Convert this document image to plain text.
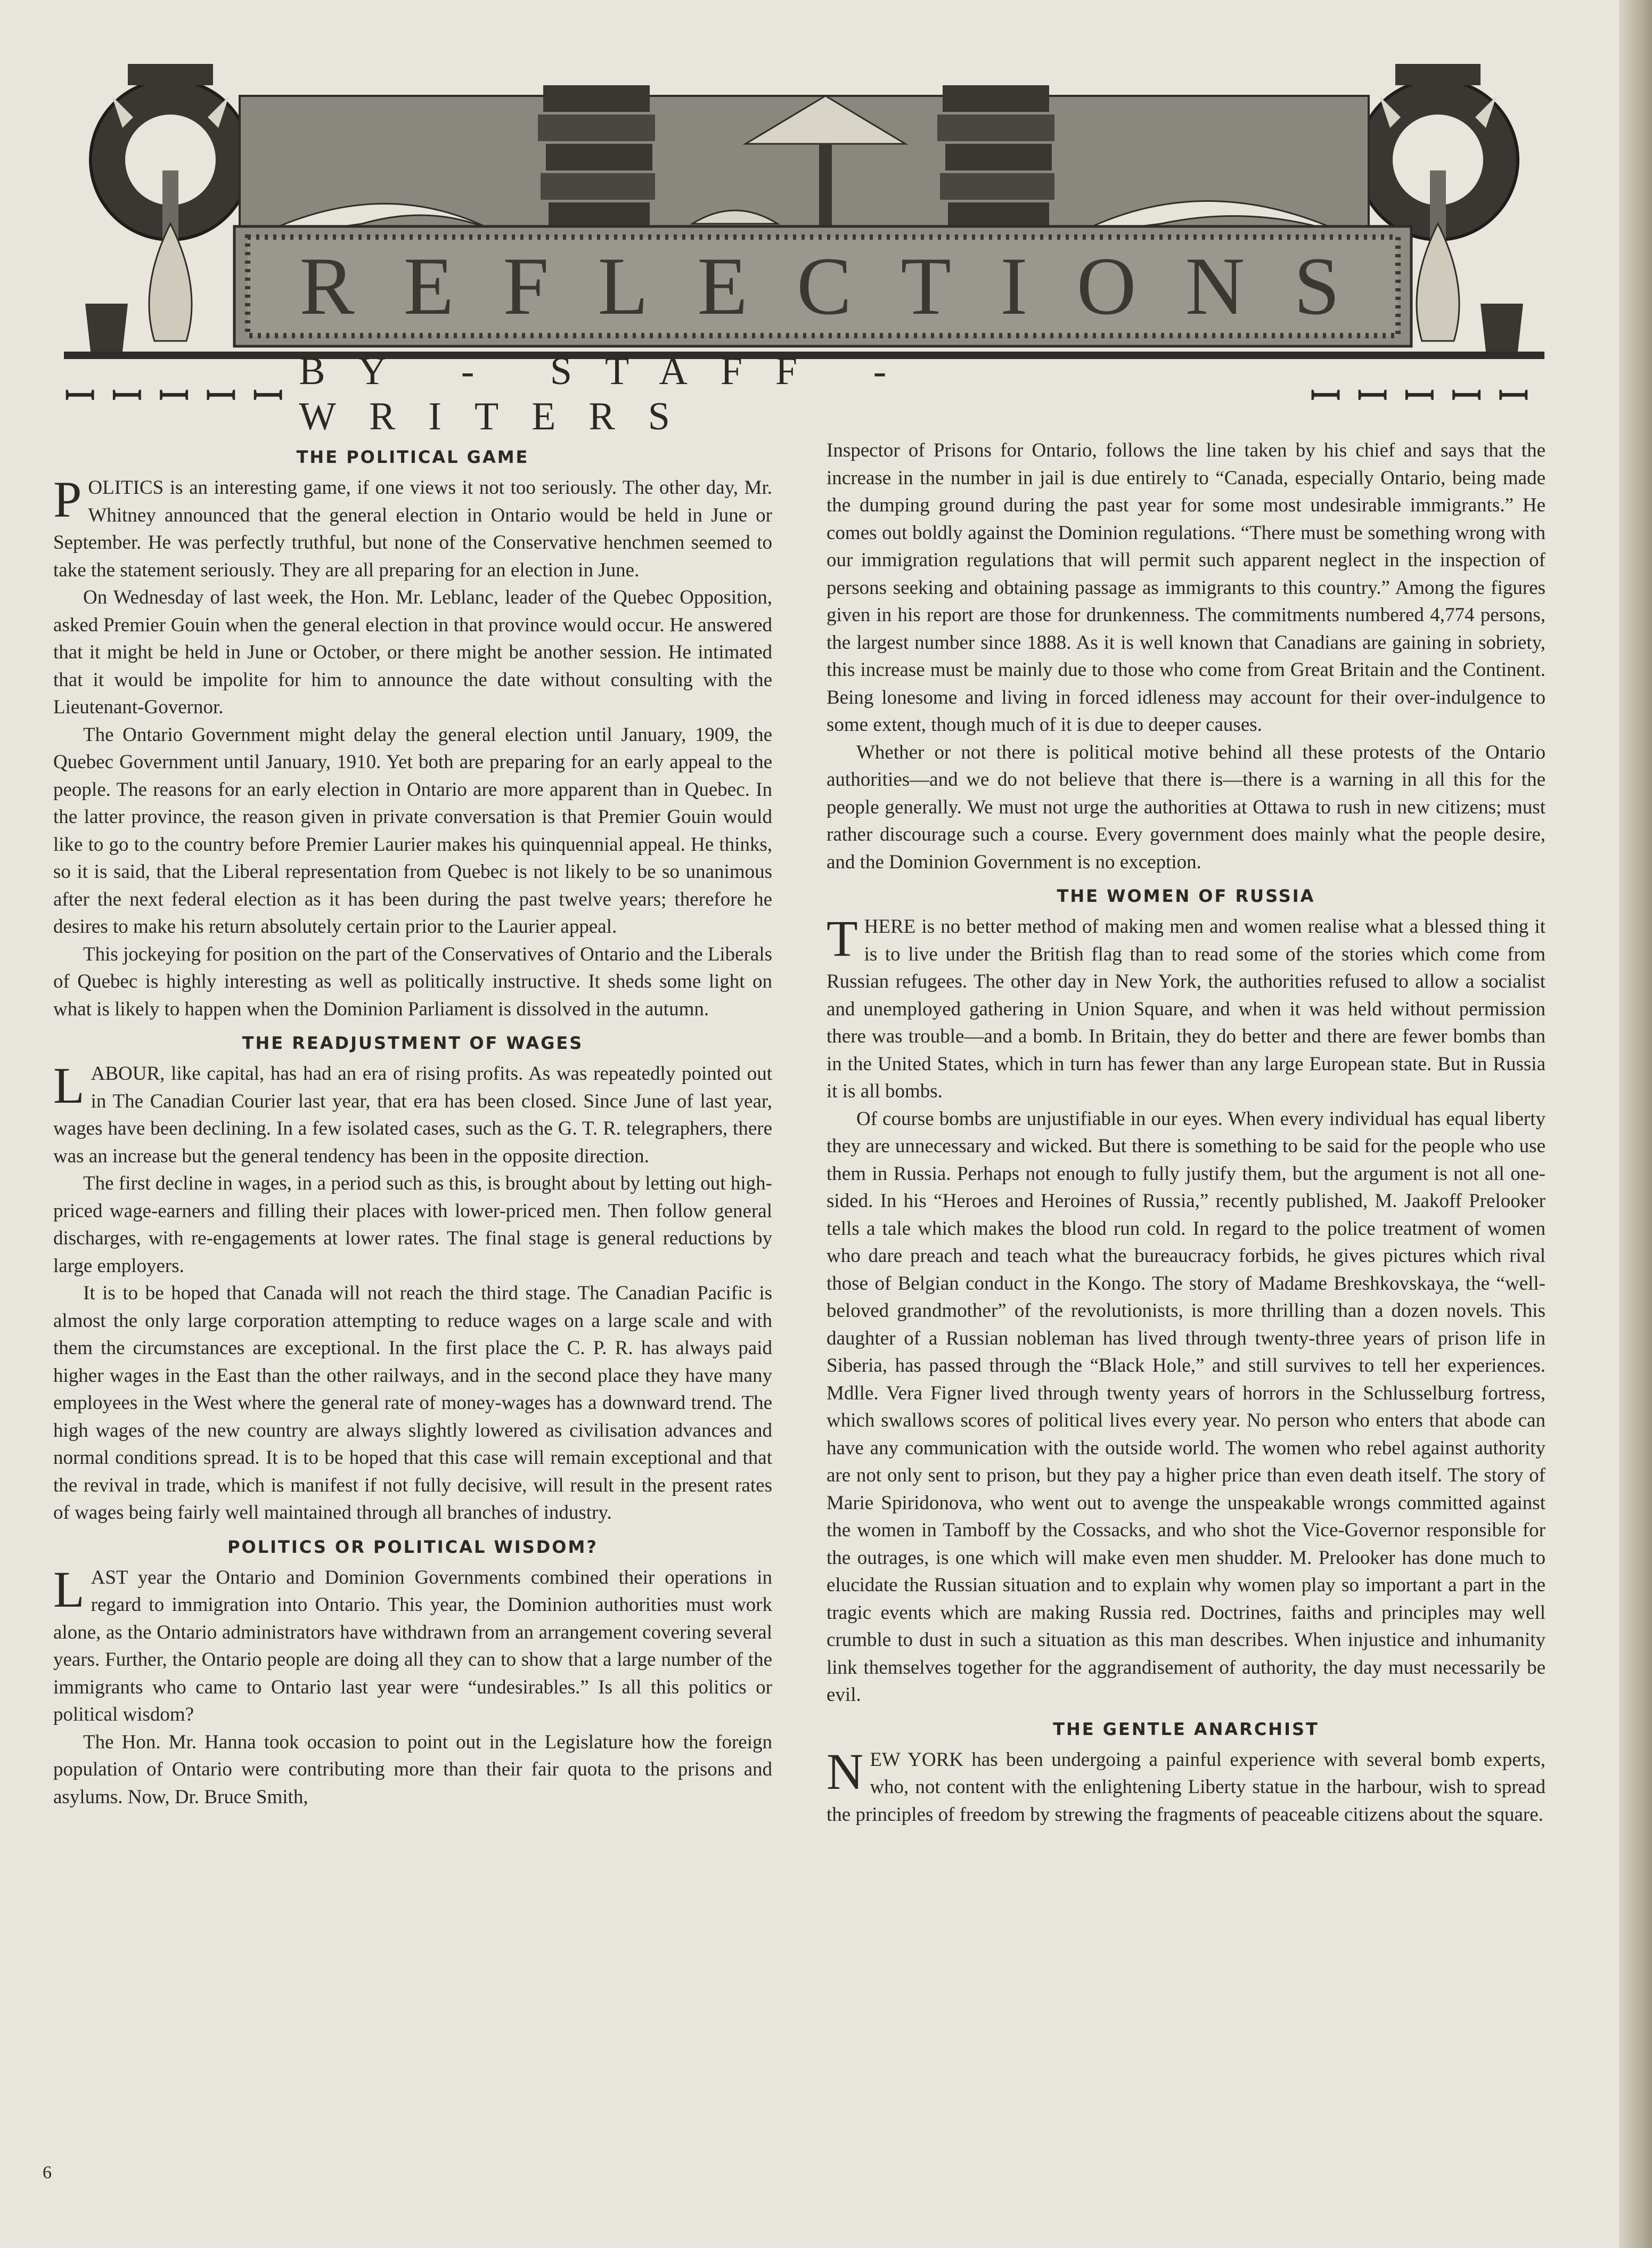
REFLECTIONS
ꟷꟷꟷꟷꟷ
BY - STAFF - WRITERS	ꟷꟷꟷꟷꟷ
THE POLITICAL GAME

POLITICS is an interesting game, if one views it not too seriously. The other day, Mr. Whitney announced that the general election in Ontario would be held in June or September. He was perfectly truthful, but none of the Conservative henchmen seemed to take the statement seriously. They are all preparing for an election in June.

On Wednesday of last week, the Hon. Mr. Leblanc, leader of the Quebec Opposition, asked Premier Gouin when the general election in that province would occur. He answered that it might be held in June or October, or there might be another session. He intimated that it would be impolite for him to announce the date without consulting with the Lieutenant-Governor.

The Ontario Government might delay the general election until January, 1909, the Quebec Government until January, 1910. Yet both are preparing for an early appeal to the people. The reasons for an early election in Ontario are more apparent than in Quebec. In the latter province, the reason given in private conversation is that Premier Gouin would like to go to the country before Premier Laurier makes his quinquennial appeal. He thinks, so it is said, that the Liberal representation from Quebec is not likely to be so unanimous after the next federal election as it has been during the past twelve years; therefore he desires to make his return absolutely certain prior to the Laurier appeal.

This jockeying for position on the part of the Conservatives of Ontario and the Liberals of Quebec is highly interesting as well as politically instructive. It sheds some light on what is likely to happen when the Dominion Parliament is dissolved in the autumn.

THE READJUSTMENT OF WAGES

LABOUR, like capital, has had an era of rising profits. As was repeatedly pointed out in The Canadian Courier last year, that era has been closed. Since June of last year, wages have been declining. In a few isolated cases, such as the G. T. R. telegraphers, there was an increase but the general tendency has been in the opposite direction.

The first decline in wages, in a period such as this, is brought about by letting out high-priced wage-earners and filling their places with lower-priced men. Then follow general discharges, with re-engagements at lower rates. The final stage is general reductions by large employers.

It is to be hoped that Canada will not reach the third stage. The Canadian Pacific is almost the only large corporation attempting to reduce wages on a large scale and with them the circumstances are exceptional. In the first place the C. P. R. has always paid higher wages in the East than the other railways, and in the second place they have many employees in the West where the general rate of money-wages has a downward trend. The high wages of the new country are always slightly lowered as civilisation advances and normal conditions spread. It is to be hoped that this case will remain exceptional and that the revival in trade, which is manifest if not fully decisive, will result in the present rates of wages being fairly well maintained through all branches of industry.

POLITICS OR POLITICAL WISDOM?

LAST year the Ontario and Dominion Governments combined their operations in regard to immigration into Ontario. This year, the Dominion authorities must work alone, as the Ontario administrators have withdrawn from an arrangement covering several years. Further, the Ontario people are doing all they can to show that a large number of the immigrants who came to Ontario last year were “undesirables.” Is all this politics or political wisdom?

The Hon. Mr. Hanna took occasion to point out in the Legislature how the foreign population of Ontario were contributing more than their fair quota to the prisons and asylums. Now, Dr. Bruce Smith,

Inspector of Prisons for Ontario, follows the line taken by his chief and says that the increase in the number in jail is due entirely to “Canada, especially Ontario, being made the dumping ground during the past year for some most undesirable immigrants.” He comes out boldly against the Dominion regulations. “There must be something wrong with our immigration regulations that will permit such apparent neglect in the inspection of persons seeking and obtaining passage as immigrants to this country.” Among the figures given in his report are those for drunkenness. The commitments numbered 4,774 persons, the largest number since 1888. As it is well known that Canadians are gaining in sobriety, this increase must be mainly due to those who come from Great Britain and the Continent. Being lonesome and living in forced idleness may account for their over-indulgence to some extent, though much of it is due to deeper causes.

Whether or not there is political motive behind all these protests of the Ontario authorities—and we do not believe that there is—there is a warning in all this for the people generally. We must not urge the authorities at Ottawa to rush in new citizens; must rather discourage such a course. Every government does mainly what the people desire, and the Dominion Government is no exception.

THE WOMEN OF RUSSIA

THERE is no better method of making men and women realise what a blessed thing it is to live under the British flag than to read some of the stories which come from Russian refugees. The other day in New York, the authorities refused to allow a socialist and unemployed gathering in Union Square, and when it was held without permission there was trouble—and a bomb. In Britain, they do better and there are fewer bombs than in the United States, which in turn has fewer than any large European state. But in Russia it is all bombs.

Of course bombs are unjustifiable in our eyes. When every individual has equal liberty they are unnecessary and wicked. But there is something to be said for the people who use them in Russia. Perhaps not enough to fully justify them, but the argument is not all one-sided. In his “Heroes and Heroines of Russia,” recently published, M. Jaakoff Prelooker tells a tale which makes the blood run cold. In regard to the police treatment of women who dare preach and teach what the bureaucracy forbids, he gives pictures which rival those of Belgian conduct in the Kongo. The story of Madame Breshkovskaya, the “well-beloved grandmother” of the revolutionists, is more thrilling than a dozen novels. This daughter of a Russian nobleman has lived through twenty-three years of prison life in Siberia, has passed through the “Black Hole,” and still survives to tell her experiences. Mdlle. Vera Figner lived through twenty years of horrors in the Schlusselburg fortress, which swallows scores of political lives every year. No person who enters that abode can have any communication with the outside world. The women who rebel against authority are not only sent to prison, but they pay a higher price than even death itself. The story of Marie Spiridonova, who went out to avenge the unspeakable wrongs committed against the women in Tamboff by the Cossacks, and who shot the Vice-Governor responsible for the outrages, is one which will make even men shudder. M. Prelooker has done much to elucidate the Russian situation and to explain why women play so important a part in the tragic events which are making Russia red. Doctrines, faiths and principles may well crumble to dust in such a situation as this man describes. When injustice and inhumanity link themselves together for the aggrandisement of authority, the day must necessarily be evil.

THE GENTLE ANARCHIST

NEW YORK has been undergoing a painful experience with several bomb experts, who, not content with the enlightening Liberty statue in the harbour, wish to spread the principles of freedom by strewing the fragments of peaceable citizens about the square.

6
